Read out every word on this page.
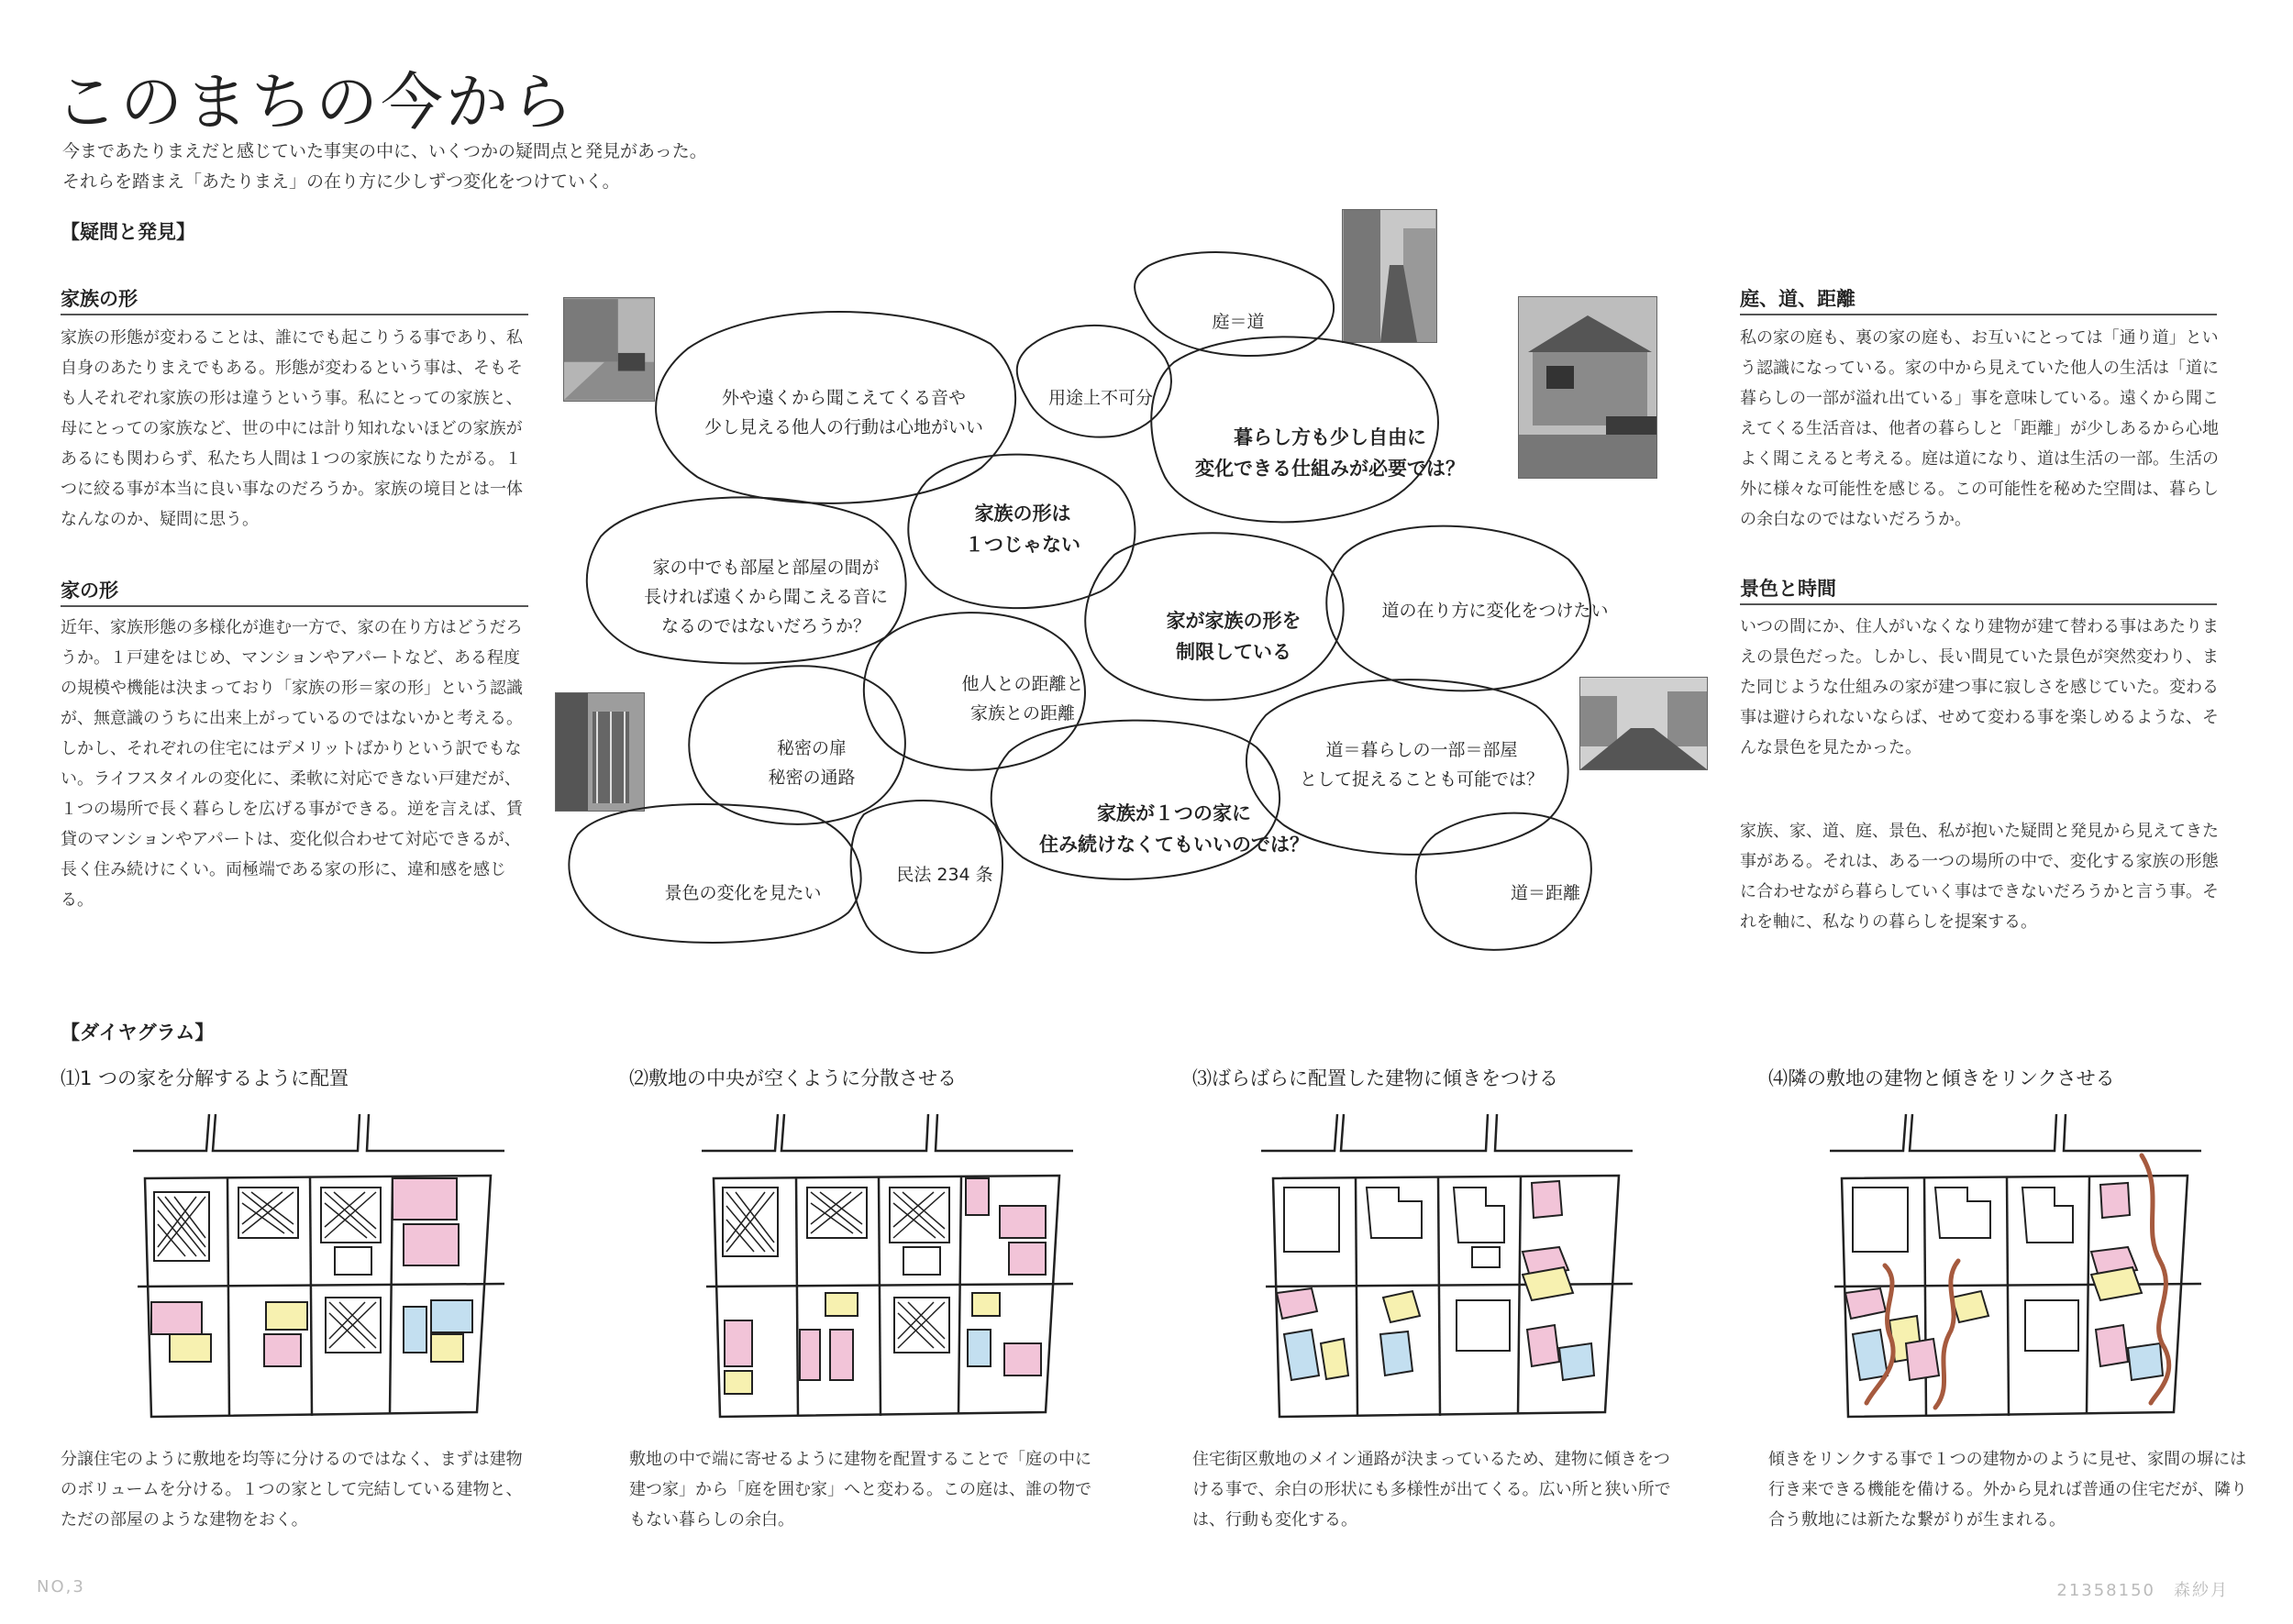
このまちの今から
今まであたりまえだと感じていた事実の中に、いくつかの疑問点と発見があった。
それらを踏まえ「あたりまえ」の在り方に少しずつ変化をつけていく。
【疑問と発見】
家族の形
家族の形態が変わることは、誰にでも起こりうる事であり、私自身のあたりまえでもある。形態が変わるという事は、そもそも人それぞれ家族の形は違うという事。私にとっての家族と、母にとっての家族など、世の中には計り知れないほどの家族があるにも関わらず、私たち人間は１つの家族になりたがる。１つに絞る事が本当に良い事なのだろうか。家族の境目とは一体なんなのか、疑問に思う。
家の形
近年、家族形態の多様化が進む一方で、家の在り方はどうだろうか。１戸建をはじめ、マンションやアパートなど、ある程度の規模や機能は決まっており「家族の形＝家の形」という認識が、無意識のうちに出来上がっているのではないかと考える。しかし、それぞれの住宅にはデメリットばかりという訳でもない。ライフスタイルの変化に、柔軟に対応できない戸建だが、１つの場所で長く暮らしを広げる事ができる。逆を言えば、賃貸のマンションやアパートは、変化似合わせて対応できるが、長く住み続けにくい。両極端である家の形に、違和感を感じる。
庭、道、距離
私の家の庭も、裏の家の庭も、お互いにとっては「通り道」という認識になっている。家の中から見えていた他人の生活は「道に暮らしの一部が溢れ出ている」事を意味している。遠くから聞こえてくる生活音は、他者の暮らしと「距離」が少しあるから心地よく聞こえると考える。庭は道になり、道は生活の一部。生活の外に様々な可能性を感じる。この可能性を秘めた空間は、暮らしの余白なのではないだろうか。
景色と時間
いつの間にか、住人がいなくなり建物が建て替わる事はあたりまえの景色だった。しかし、長い間見ていた景色が突然変わり、また同じような仕組みの家が建つ事に寂しさを感じていた。変わる事は避けられないならば、せめて変わる事を楽しめるような、そんな景色を見たかった。
家族、家、道、庭、景色、私が抱いた疑問と発見から見えてきた事がある。それは、ある一つの場所の中で、変化する家族の形態に合わせながら暮らしていく事はできないだろうかと言う事。それを軸に、私なりの暮らしを提案する。
庭＝道
外や遠くから聞こえてくる音や
少し見える他人の行動は心地がいい
用途上不可分
暮らし方も少し自由に
変化できる仕組みが必要では？
家族の形は
１つじゃない
家の中でも部屋と部屋の間が
長ければ遠くから聞こえる音に
なるのではないだろうか？	家が家族の形を
制限している
道の在り方に変化をつけたい
他人との距離と
家族との距離
秘密の扉
秘密の通路
道＝暮らしの一部＝部屋
として捉えることも可能では？
家族が１つの家に
住み続けなくてもいいのでは？
景色の変化を見たい
民法 234 条
道＝距離
【ダイヤグラム】
⑴1 つの家を分解するように配置	⑵敷地の中央が空くように分散させる	⑶ばらばらに配置した建物に傾きをつける	⑷隣の敷地の建物と傾きをリンクさせる
分譲住宅のように敷地を均等に分けるのではなく、まずは建物のボリュームを分ける。１つの家として完結している建物と、ただの部屋のような建物をおく。
敷地の中で端に寄せるように建物を配置することで「庭の中に建つ家」から「庭を囲む家」へと変わる。この庭は、誰の物でもない暮らしの余白。
住宅街区敷地のメイン通路が決まっているため、建物に傾きをつける事で、余白の形状にも多様性が出てくる。広い所と狭い所では、行動も変化する。
傾きをリンクする事で１つの建物かのように見せ、家間の塀には行き来できる機能を備ける。外から見れば普通の住宅だが、隣り合う敷地には新たな繋がりが生まれる。
NO,3	21358150　森紗月
